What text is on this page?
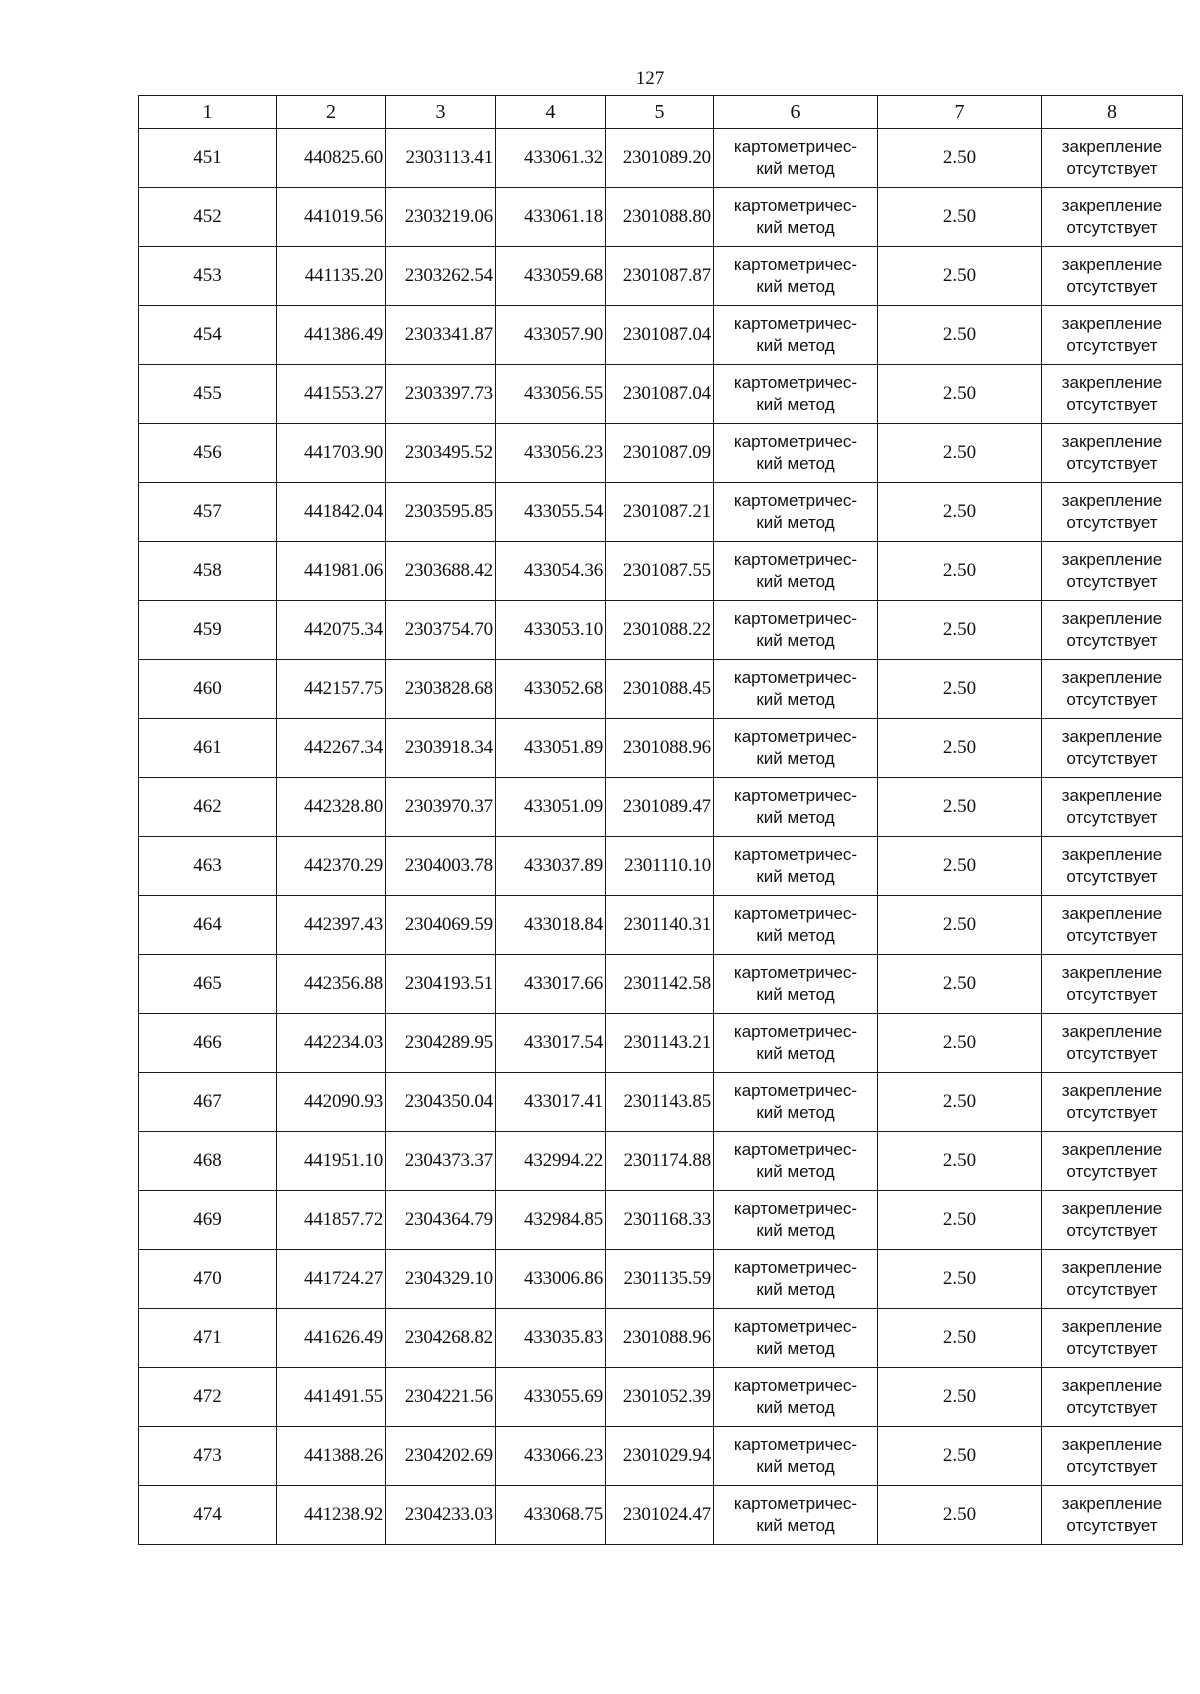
127
1	2	3	4	5	6	7	8
451	440825.60	2303113.41	433061.32	2301089.20	картометричес-
кий метод	2.50	закрепление
отсутствует

452	441019.56	2303219.06	433061.18	2301088.80	картометричес-
кий метод	2.50	закрепление
отсутствует

453	441135.20	2303262.54	433059.68	2301087.87	картометричес-
кий метод	2.50	закрепление
отсутствует

454	441386.49	2303341.87	433057.90	2301087.04	картометричес-
кий метод	2.50	закрепление
отсутствует

455	441553.27	2303397.73	433056.55	2301087.04	картометричес-
кий метод	2.50	закрепление
отсутствует

456	441703.90	2303495.52	433056.23	2301087.09	картометричес-
кий метод	2.50	закрепление
отсутствует

457	441842.04	2303595.85	433055.54	2301087.21	картометричес-
кий метод	2.50	закрепление
отсутствует

458	441981.06	2303688.42	433054.36	2301087.55	картометричес-
кий метод	2.50	закрепление
отсутствует

459	442075.34	2303754.70	433053.10	2301088.22	картометричес-
кий метод	2.50	закрепление
отсутствует

460	442157.75	2303828.68	433052.68	2301088.45	картометричес-
кий метод	2.50	закрепление
отсутствует

461	442267.34	2303918.34	433051.89	2301088.96	картометричес-
кий метод	2.50	закрепление
отсутствует

462	442328.80	2303970.37	433051.09	2301089.47	картометричес-
кий метод	2.50	закрепление
отсутствует

463	442370.29	2304003.78	433037.89	2301110.10	картометричес-
кий метод	2.50	закрепление
отсутствует

464	442397.43	2304069.59	433018.84	2301140.31	картометричес-
кий метод	2.50	закрепление
отсутствует

465	442356.88	2304193.51	433017.66	2301142.58	картометричес-
кий метод	2.50	закрепление
отсутствует

466	442234.03	2304289.95	433017.54	2301143.21	картометричес-
кий метод	2.50	закрепление
отсутствует

467	442090.93	2304350.04	433017.41	2301143.85	картометричес-
кий метод	2.50	закрепление
отсутствует

468	441951.10	2304373.37	432994.22	2301174.88	картометричес-
кий метод	2.50	закрепление
отсутствует

469	441857.72	2304364.79	432984.85	2301168.33	картометричес-
кий метод	2.50	закрепление
отсутствует

470	441724.27	2304329.10	433006.86	2301135.59	картометричес-
кий метод	2.50	закрепление
отсутствует

471	441626.49	2304268.82	433035.83	2301088.96	картометричес-
кий метод	2.50	закрепление
отсутствует

472	441491.55	2304221.56	433055.69	2301052.39	картометричес-
кий метод	2.50	закрепление
отсутствует

473	441388.26	2304202.69	433066.23	2301029.94	картометричес-
кий метод	2.50	закрепление
отсутствует

474	441238.92	2304233.03	433068.75	2301024.47	картометричес-
кий метод	2.50	закрепление
отсутствует
